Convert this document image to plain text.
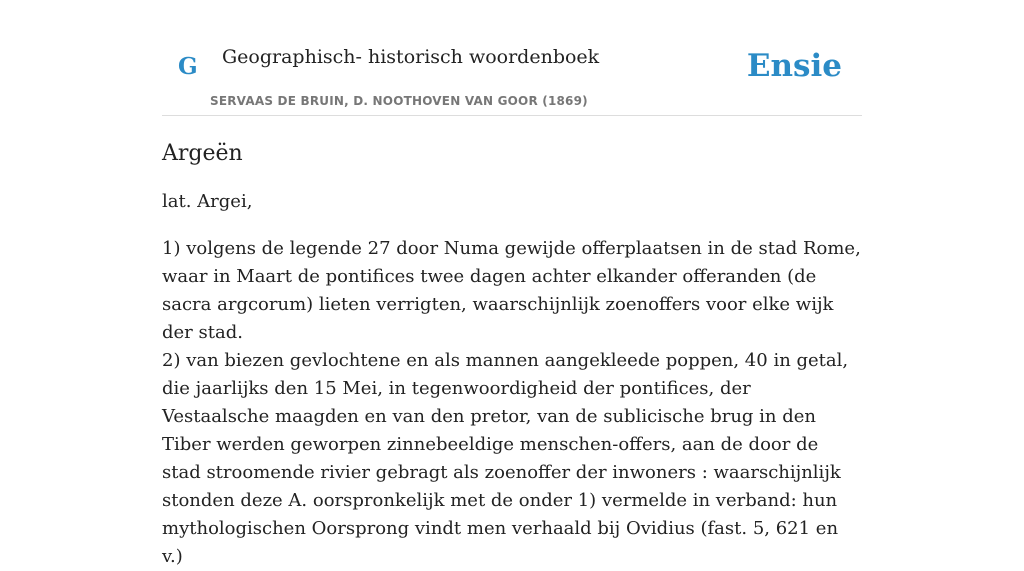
G Geographisch- historisch woordenboek
SERVAAS DE BRUIN, D. NOOTHOVEN VAN GOOR (1869)
Ensie
Argeën

lat. Argei,

1) volgens de legende 27 door Numa gewijde offerplaatsen in de stad Rome, waar in Maart de pontifices twee dagen achter elkander offeranden (de sacra argcorum) lieten verrigten, waarschijnlijk zoenoffers voor elke wijk der stad.
2) van biezen gevlochtene en als mannen aangekleede poppen, 40 in getal, die jaarlijks den 15 Mei, in tegenwoordigheid der pontifices, der Vestaalsche maagden en van den pretor, van de sublicische brug in den Tiber werden geworpen zinnebeeldige menschen-offers, aan de door de stad stroomende rivier gebragt als zoenoffer der inwoners : waarschijnlijk stonden deze A. oorspronkelijk met de onder 1) vermelde in verband: hun mythologischen Oorsprong vindt men verhaald bij Ovidius (fast. 5, 621 en v.)
